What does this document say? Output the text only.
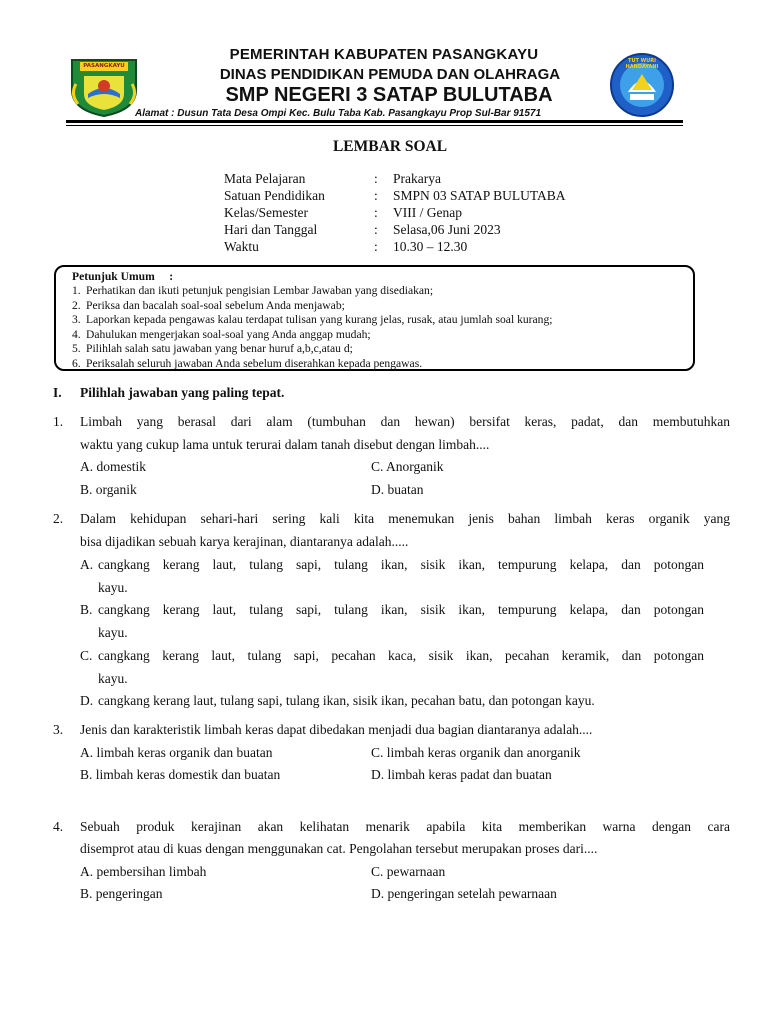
PASANGKAYU
TUT WURI HANDAYANI
PEMERINTAH KABUPATEN PASANGKAYU
DINAS PENDIDIKAN PEMUDA DAN OLAHRAGA
SMP NEGERI 3 SATAP BULUTABA
Alamat : Dusun Tata Desa Ompi Kec. Bulu Taba Kab. Pasangkayu Prop Sul-Bar 91571
LEMBAR SOAL
Mata Pelajaran	:	Prakarya
Satuan Pendidikan	:	SMPN 03 SATAP BULUTABA
Kelas/Semester	:	VIII / Genap
Hari dan Tanggal	:	Selasa,06 Juni 2023
Waktu	:	10.30 – 12.30
Petunjuk Umum     :
1. Perhatikan dan ikuti petunjuk pengisian Lembar Jawaban yang disediakan;
2. Periksa dan bacalah soal-soal sebelum Anda menjawab;
3. Laporkan kepada pengawas kalau terdapat tulisan yang kurang jelas, rusak, atau jumlah soal kurang;
4. Dahulukan mengerjakan soal-soal yang Anda anggap mudah;
5. Pilihlah salah satu jawaban yang benar huruf a,b,c,atau d;
6. Periksalah seluruh jawaban Anda sebelum diserahkan kepada pengawas.
I. Pilihlah jawaban yang paling tepat.
1. Limbah yang berasal dari alam (tumbuhan dan hewan) bersifat keras, padat, dan membutuhkan
waktu yang cukup lama untuk terurai dalam tanah disebut dengan limbah....
A. domestik	C. Anorganik
B. organik	D. buatan
2. Dalam kehidupan sehari-hari sering kali kita menemukan jenis bahan limbah keras organik yang
bisa dijadikan sebuah karya kerajinan, diantaranya adalah.....
A. cangkang kerang laut, tulang sapi, tulang ikan, sisik ikan, tempurung kelapa, dan potongan
kayu.
B. cangkang kerang laut, tulang sapi, tulang ikan, sisik ikan, tempurung kelapa, dan potongan
kayu.
C. cangkang kerang laut, tulang sapi, pecahan kaca, sisik ikan, pecahan keramik, dan potongan
kayu.
D. cangkang kerang laut, tulang sapi, tulang ikan, sisik ikan, pecahan batu, dan potongan kayu.
3. Jenis dan karakteristik limbah keras dapat dibedakan menjadi dua bagian diantaranya adalah....
A. limbah keras organik dan buatan	C. limbah keras organik dan anorganik
B. limbah keras domestik dan buatan	D. limbah keras padat dan buatan
4. Sebuah produk kerajinan akan kelihatan menarik apabila kita memberikan warna dengan cara
disemprot atau di kuas dengan menggunakan cat. Pengolahan tersebut merupakan proses dari....
A. pembersihan limbah	C. pewarnaan
B. pengeringan	D. pengeringan setelah pewarnaan
